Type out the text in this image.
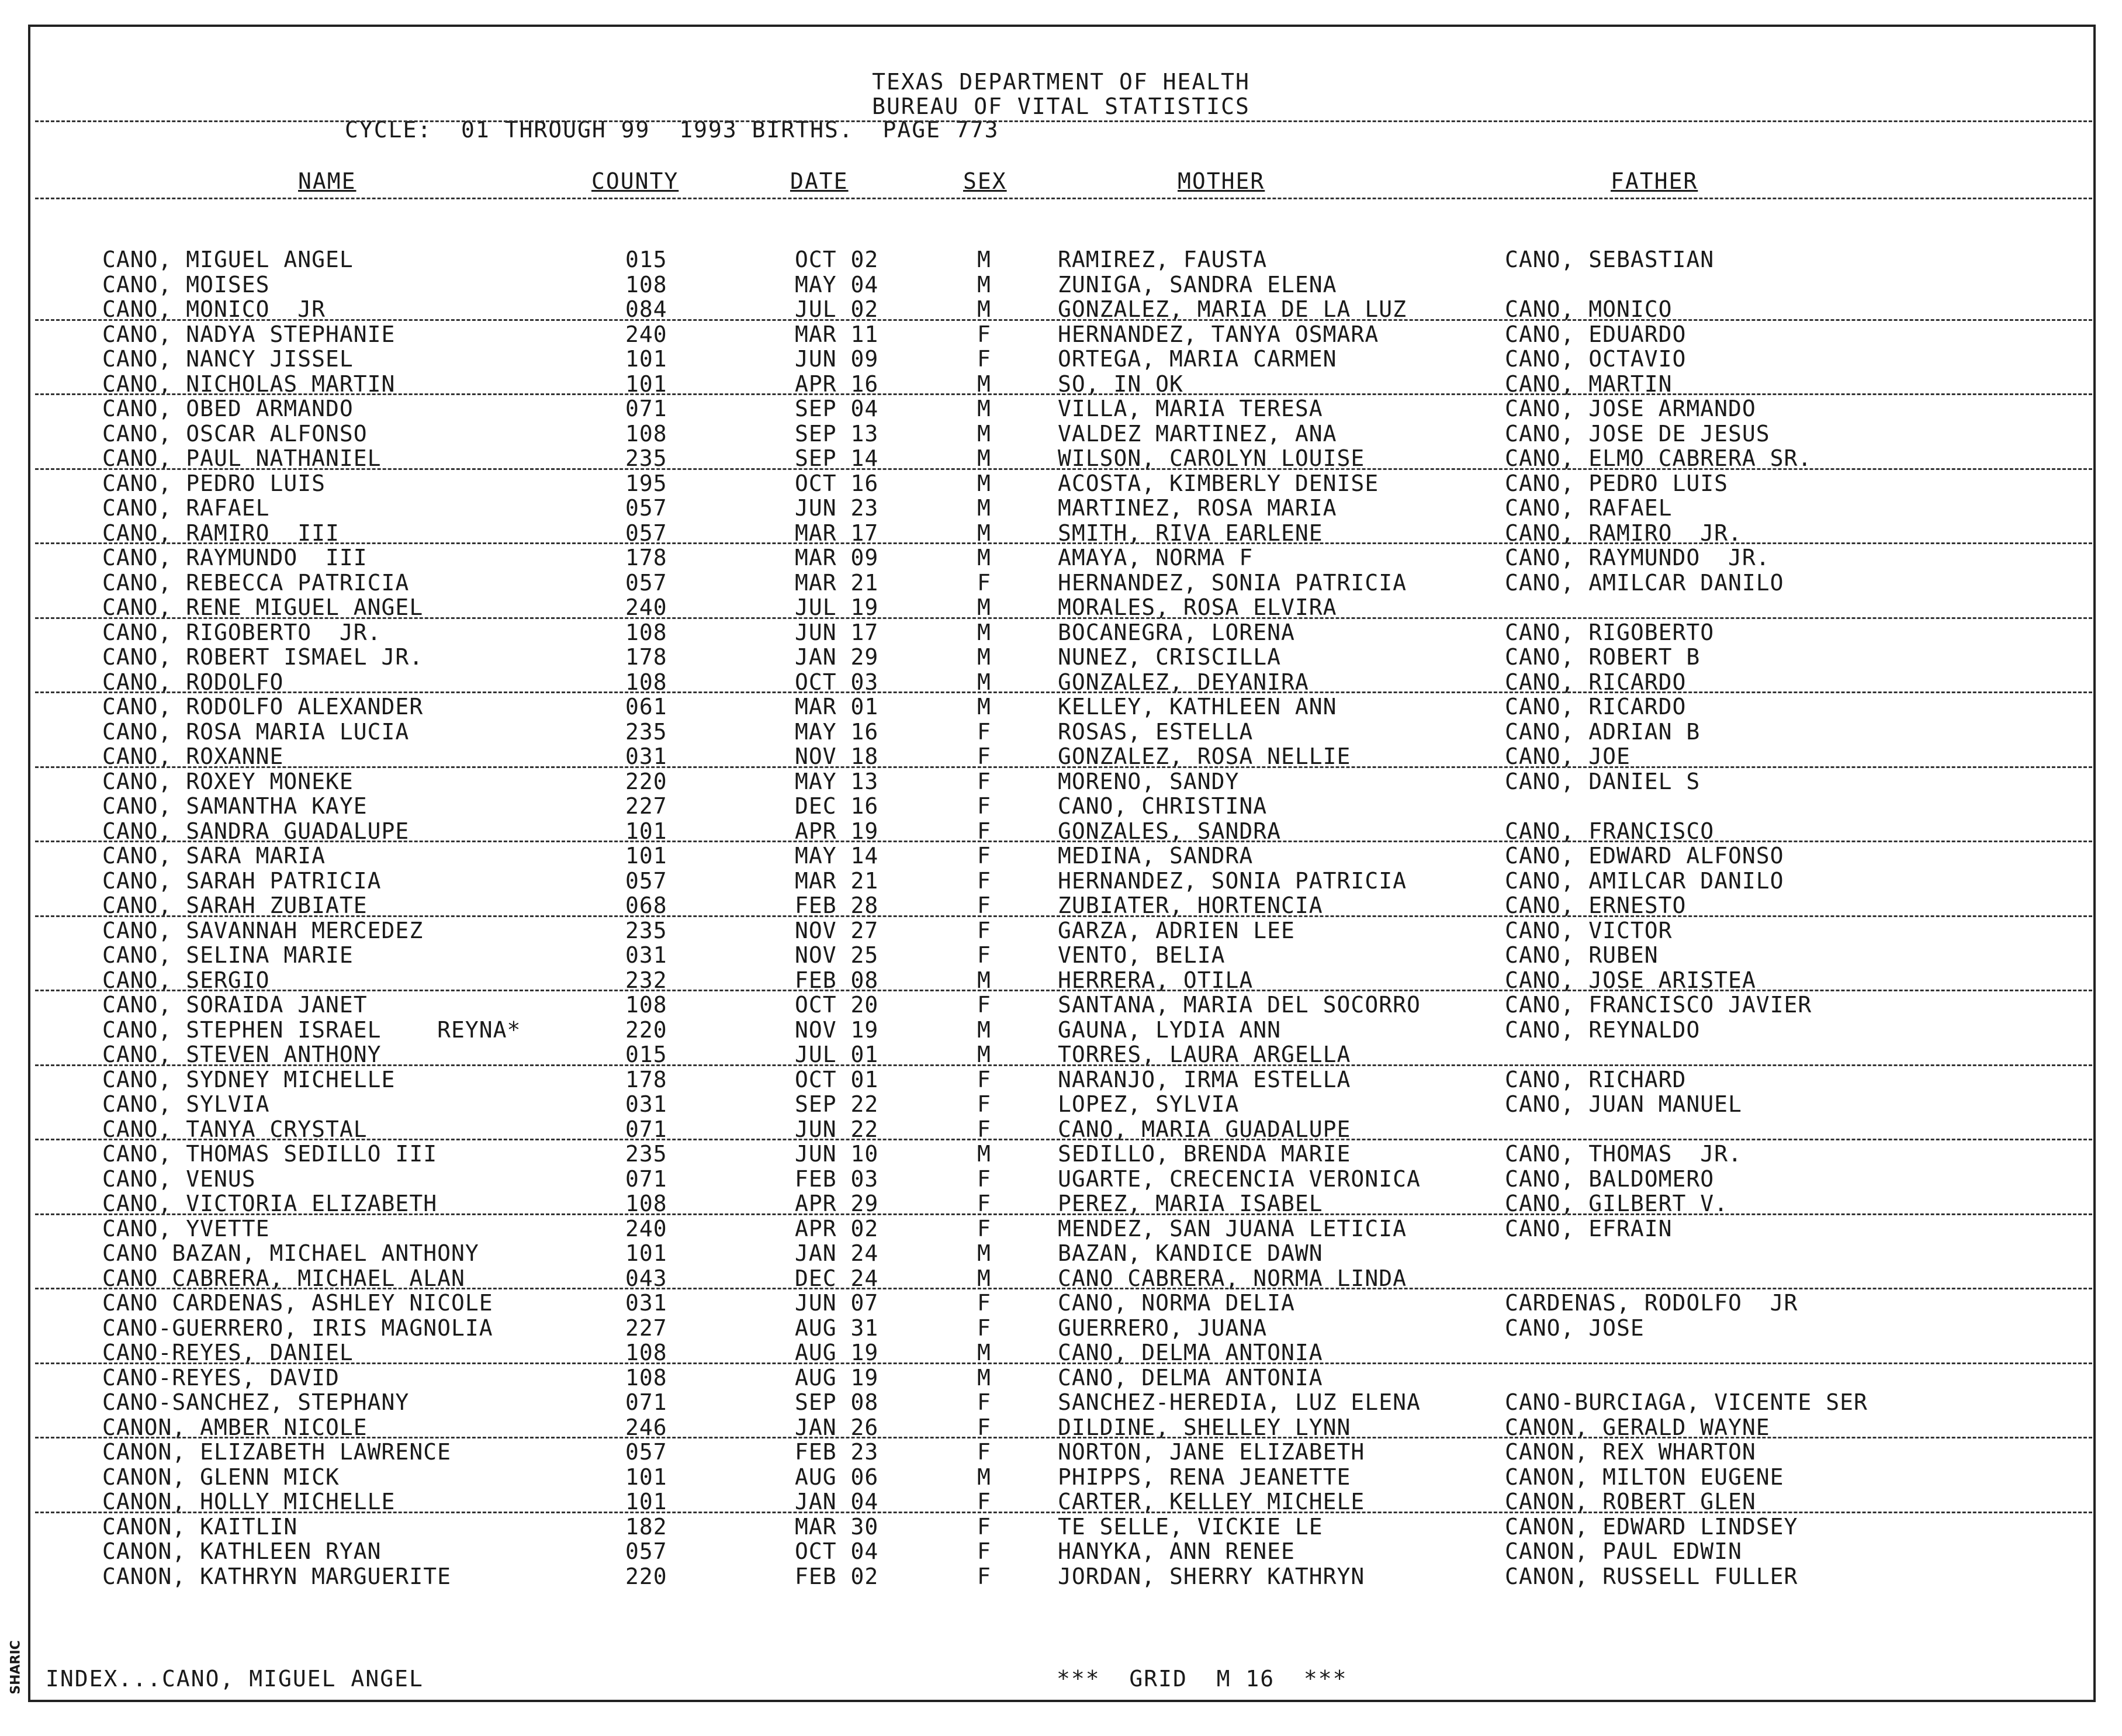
SHARIC
TEXAS DEPARTMENT OF HEALTH
BUREAU OF VITAL STATISTICS
CYCLE:  01 THROUGH 99  1993 BIRTHS.  PAGE 773
NAME	COUNTY	DATE	SEX	MOTHER	FATHER
CANO, MIGUEL ANGEL	015	OCT 02	M	RAMIREZ, FAUSTA	CANO, SEBASTIAN
CANO, MOISES	108	MAY 04	M	ZUNIGA, SANDRA ELENA
CANO, MONICO  JR	084	JUL 02	M	GONZALEZ, MARIA DE LA LUZ	CANO, MONICO
CANO, NADYA STEPHANIE	240	MAR 11	F	HERNANDEZ, TANYA OSMARA	CANO, EDUARDO
CANO, NANCY JISSEL	101	JUN 09	F	ORTEGA, MARIA CARMEN	CANO, OCTAVIO
CANO, NICHOLAS MARTIN	101	APR 16	M	SO, IN OK	CANO, MARTIN
CANO, OBED ARMANDO	071	SEP 04	M	VILLA, MARIA TERESA	CANO, JOSE ARMANDO
CANO, OSCAR ALFONSO	108	SEP 13	M	VALDEZ MARTINEZ, ANA	CANO, JOSE DE JESUS
CANO, PAUL NATHANIEL	235	SEP 14	M	WILSON, CAROLYN LOUISE	CANO, ELMO CABRERA SR.
CANO, PEDRO LUIS	195	OCT 16	M	ACOSTA, KIMBERLY DENISE	CANO, PEDRO LUIS
CANO, RAFAEL	057	JUN 23	M	MARTINEZ, ROSA MARIA	CANO, RAFAEL
CANO, RAMIRO  III	057	MAR 17	M	SMITH, RIVA EARLENE	CANO, RAMIRO  JR.
CANO, RAYMUNDO  III	178	MAR 09	M	AMAYA, NORMA F	CANO, RAYMUNDO  JR.
CANO, REBECCA PATRICIA	057	MAR 21	F	HERNANDEZ, SONIA PATRICIA	CANO, AMILCAR DANILO
CANO, RENE MIGUEL ANGEL	240	JUL 19	M	MORALES, ROSA ELVIRA
CANO, RIGOBERTO  JR.	108	JUN 17	M	BOCANEGRA, LORENA	CANO, RIGOBERTO
CANO, ROBERT ISMAEL JR.	178	JAN 29	M	NUNEZ, CRISCILLA	CANO, ROBERT B
CANO, RODOLFO	108	OCT 03	M	GONZALEZ, DEYANIRA	CANO, RICARDO
CANO, RODOLFO ALEXANDER	061	MAR 01	M	KELLEY, KATHLEEN ANN	CANO, RICARDO
CANO, ROSA MARIA LUCIA	235	MAY 16	F	ROSAS, ESTELLA	CANO, ADRIAN B
CANO, ROXANNE	031	NOV 18	F	GONZALEZ, ROSA NELLIE	CANO, JOE
CANO, ROXEY MONEKE	220	MAY 13	F	MORENO, SANDY	CANO, DANIEL S
CANO, SAMANTHA KAYE	227	DEC 16	F	CANO, CHRISTINA
CANO, SANDRA GUADALUPE	101	APR 19	F	GONZALES, SANDRA	CANO, FRANCISCO
CANO, SARA MARIA	101	MAY 14	F	MEDINA, SANDRA	CANO, EDWARD ALFONSO
CANO, SARAH PATRICIA	057	MAR 21	F	HERNANDEZ, SONIA PATRICIA	CANO, AMILCAR DANILO
CANO, SARAH ZUBIATE	068	FEB 28	F	ZUBIATER, HORTENCIA	CANO, ERNESTO
CANO, SAVANNAH MERCEDEZ	235	NOV 27	F	GARZA, ADRIEN LEE	CANO, VICTOR
CANO, SELINA MARIE	031	NOV 25	F	VENTO, BELIA	CANO, RUBEN
CANO, SERGIO	232	FEB 08	M	HERRERA, OTILA	CANO, JOSE ARISTEA
CANO, SORAIDA JANET	108	OCT 20	F	SANTANA, MARIA DEL SOCORRO	CANO, FRANCISCO JAVIER
CANO, STEPHEN ISRAEL    REYNA*	220	NOV 19	M	GAUNA, LYDIA ANN	CANO, REYNALDO
CANO, STEVEN ANTHONY	015	JUL 01	M	TORRES, LAURA ARGELLA
CANO, SYDNEY MICHELLE	178	OCT 01	F	NARANJO, IRMA ESTELLA	CANO, RICHARD
CANO, SYLVIA	031	SEP 22	F	LOPEZ, SYLVIA	CANO, JUAN MANUEL
CANO, TANYA CRYSTAL	071	JUN 22	F	CANO, MARIA GUADALUPE
CANO, THOMAS SEDILLO III	235	JUN 10	M	SEDILLO, BRENDA MARIE	CANO, THOMAS  JR.
CANO, VENUS	071	FEB 03	F	UGARTE, CRECENCIA VERONICA	CANO, BALDOMERO
CANO, VICTORIA ELIZABETH	108	APR 29	F	PEREZ, MARIA ISABEL	CANO, GILBERT V.
CANO, YVETTE	240	APR 02	F	MENDEZ, SAN JUANA LETICIA	CANO, EFRAIN
CANO BAZAN, MICHAEL ANTHONY	101	JAN 24	M	BAZAN, KANDICE DAWN
CANO CABRERA, MICHAEL ALAN	043	DEC 24	M	CANO CABRERA, NORMA LINDA
CANO CARDENAS, ASHLEY NICOLE	031	JUN 07	F	CANO, NORMA DELIA	CARDENAS, RODOLFO  JR
CANO-GUERRERO, IRIS MAGNOLIA	227	AUG 31	F	GUERRERO, JUANA	CANO, JOSE
CANO-REYES, DANIEL	108	AUG 19	M	CANO, DELMA ANTONIA
CANO-REYES, DAVID	108	AUG 19	M	CANO, DELMA ANTONIA
CANO-SANCHEZ, STEPHANY	071	SEP 08	F	SANCHEZ-HEREDIA, LUZ ELENA	CANO-BURCIAGA, VICENTE SER
CANON, AMBER NICOLE	246	JAN 26	F	DILDINE, SHELLEY LYNN	CANON, GERALD WAYNE
CANON, ELIZABETH LAWRENCE	057	FEB 23	F	NORTON, JANE ELIZABETH	CANON, REX WHARTON
CANON, GLENN MICK	101	AUG 06	M	PHIPPS, RENA JEANETTE	CANON, MILTON EUGENE
CANON, HOLLY MICHELLE	101	JAN 04	F	CARTER, KELLEY MICHELE	CANON, ROBERT GLEN
CANON, KAITLIN	182	MAR 30	F	TE SELLE, VICKIE LE	CANON, EDWARD LINDSEY
CANON, KATHLEEN RYAN	057	OCT 04	F	HANYKA, ANN RENEE	CANON, PAUL EDWIN
CANON, KATHRYN MARGUERITE	220	FEB 02	F	JORDAN, SHERRY KATHRYN	CANON, RUSSELL FULLER
INDEX...CANO, MIGUEL ANGEL	***  GRID  M 16  ***
